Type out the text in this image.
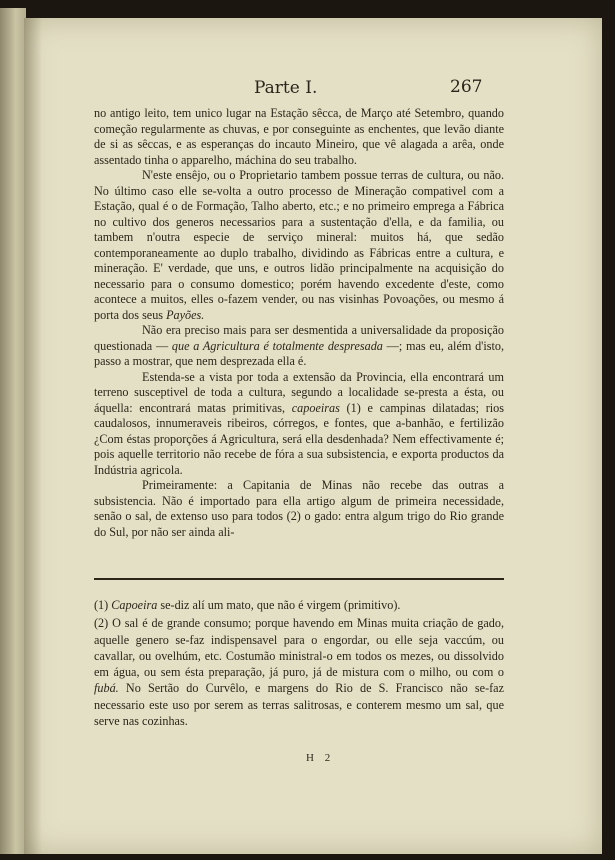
Parte I.	267

no antigo leito, tem unico lugar na Estação sêcca, de Março até Setembro, quando começão regularmente as chuvas, e por conseguinte as enchentes, que levão diante de si as sêccas, e as esperanças do incauto Mineiro, que vê alagada a arêa, onde assentado tinha o apparelho, máchina do seu trabalho.

N'este ensêjo, ou o Proprietario tambem possue terras de cultura, ou não. No último caso elle se-volta a outro processo de Mineração compativel com a Estação, qual é o de Formação, Talho aberto, etc.; e no primeiro emprega a Fábrica no cultivo dos generos necessarios para a sustentação d'ella, e da familia, ou tambem n'outra especie de serviço mineral: muitos há, que sedão contemporaneamente ao duplo trabalho, dividindo as Fábricas entre a cultura, e mineração. E' verdade, que uns, e outros lidão principalmente na acquisição do necessario para o consumo domestico; porém havendo excedente d'este, como acontece a muitos, elles o-fazem vender, ou nas visinhas Povoações, ou mesmo á porta dos seus Payões.

Não era preciso mais para ser desmentida a universalidade da proposição questionada — que a Agricultura é totalmente despresada —; mas eu, além d'isto, passo a mostrar, que nem desprezada ella é.

Estenda-se a vista por toda a extensão da Provincia, ella encontrará um terreno susceptivel de toda a cultura, segundo a localidade se-presta a ésta, ou áquella: encontrará matas primitivas, capoeiras (1) e campinas dilatadas; rios caudalosos, innumeraveis ribeiros, córregos, e fontes, que a-banhão, e fertilizão ¿Com éstas proporções á Agricultura, será ella desdenhada? Nem effectivamente é; pois aquelle territorio não recebe de fóra a sua subsistencia, e exporta productos da Indústria agricola.

Primeiramente: a Capitania de Minas não recebe das outras a subsistencia. Não é importado para ella artigo algum de primeira necessidade, senão o sal, de extenso uso para todos (2) o gado: entra algum trigo do Rio grande do Sul, por não ser ainda ali-

(1) Capoeira se-diz alí um mato, que não é virgem (primitivo).

(2) O sal é de grande consumo; porque havendo em Minas muita criação de gado, aquelle genero se-faz indispensavel para o engordar, ou elle seja vaccúm, ou cavallar, ou ovelhúm, etc. Costumão ministral-o em todos os mezes, ou dissolvido em água, ou sem ésta preparação, já puro, já de mistura com o milho, ou com o fubá. No Sertão do Curvêlo, e margens do Rio de S. Francisco não se-faz necessario este uso por serem as terras salitrosas, e conterem mesmo um sal, que serve nas cozinhas.

H 2
